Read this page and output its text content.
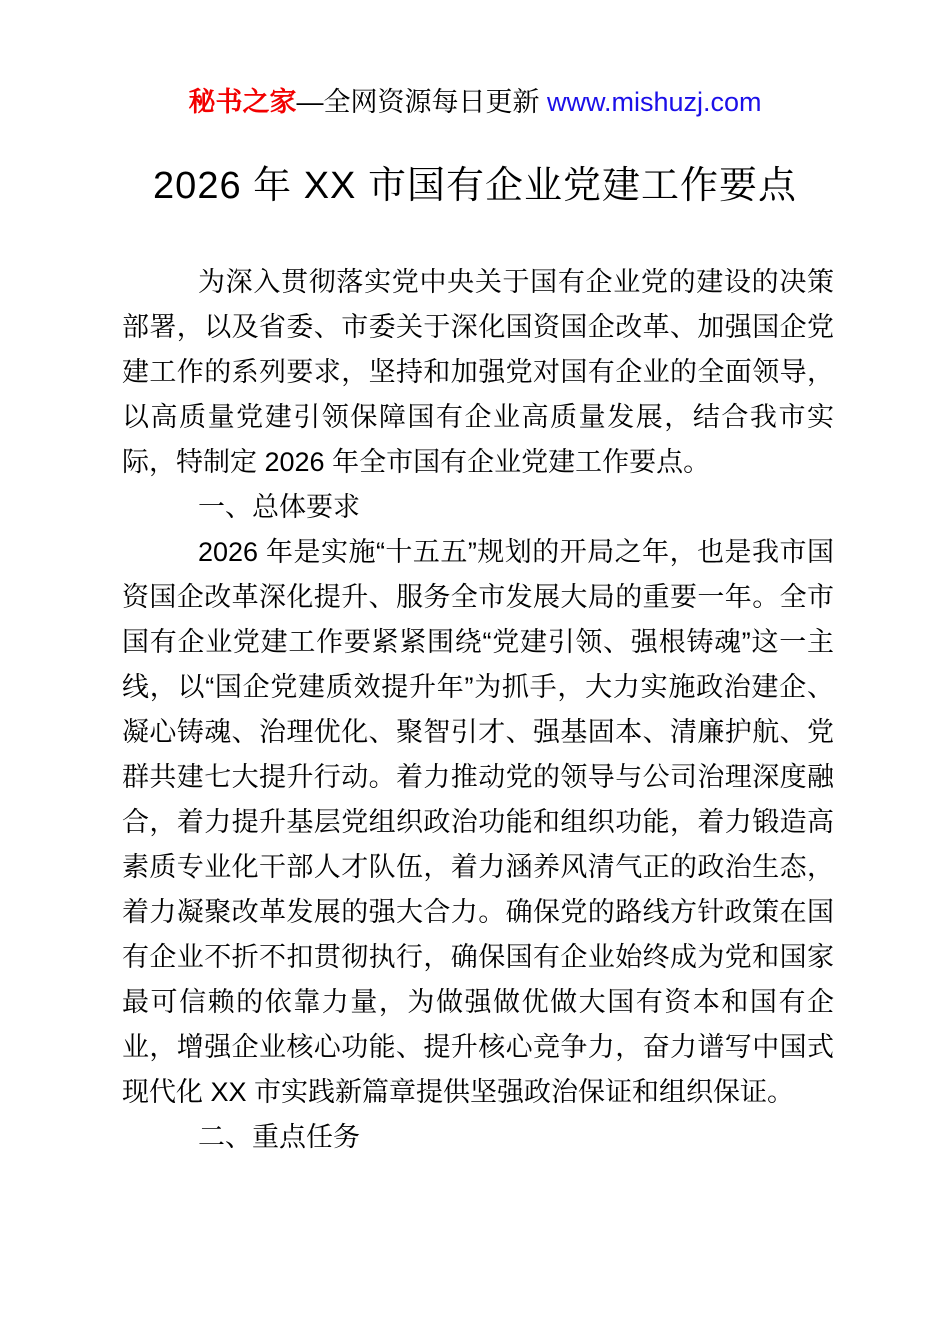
秘书之家—全网资源每日更新 www.mishuzj.com
2026 年 XX 市国有企业党建工作要点

为深入贯彻落实党中央关于国有企业党的建设的决策部署，以及省委、市委关于深化国资国企改革、加强国企党建工作的系列要求，坚持和加强党对国有企业的全面领导，以高质量党建引领保障国有企业高质量发展，结合我市实际，特制定 2026 年全市国有企业党建工作要点。

一、总体要求

2026 年是实施“十五五”规划的开局之年，也是我市国资国企改革深化提升、服务全市发展大局的重要一年。全市国有企业党建工作要紧紧围绕“党建引领、强根铸魂”这一主线，以“国企党建质效提升年”为抓手，大力实施政治建企、凝心铸魂、治理优化、聚智引才、强基固本、清廉护航、党群共建七大提升行动。着力推动党的领导与公司治理深度融合，着力提升基层党组织政治功能和组织功能，着力锻造高素质专业化干部人才队伍，着力涵养风清气正的政治生态，着力凝聚改革发展的强大合力。确保党的路线方针政策在国有企业不折不扣贯彻执行，确保国有企业始终成为党和国家最可信赖的依靠力量，为做强做优做大国有资本和国有企业，增强企业核心功能、提升核心竞争力，奋力谱写中国式现代化 XX 市实践新篇章提供坚强政治保证和组织保证。

二、重点任务
